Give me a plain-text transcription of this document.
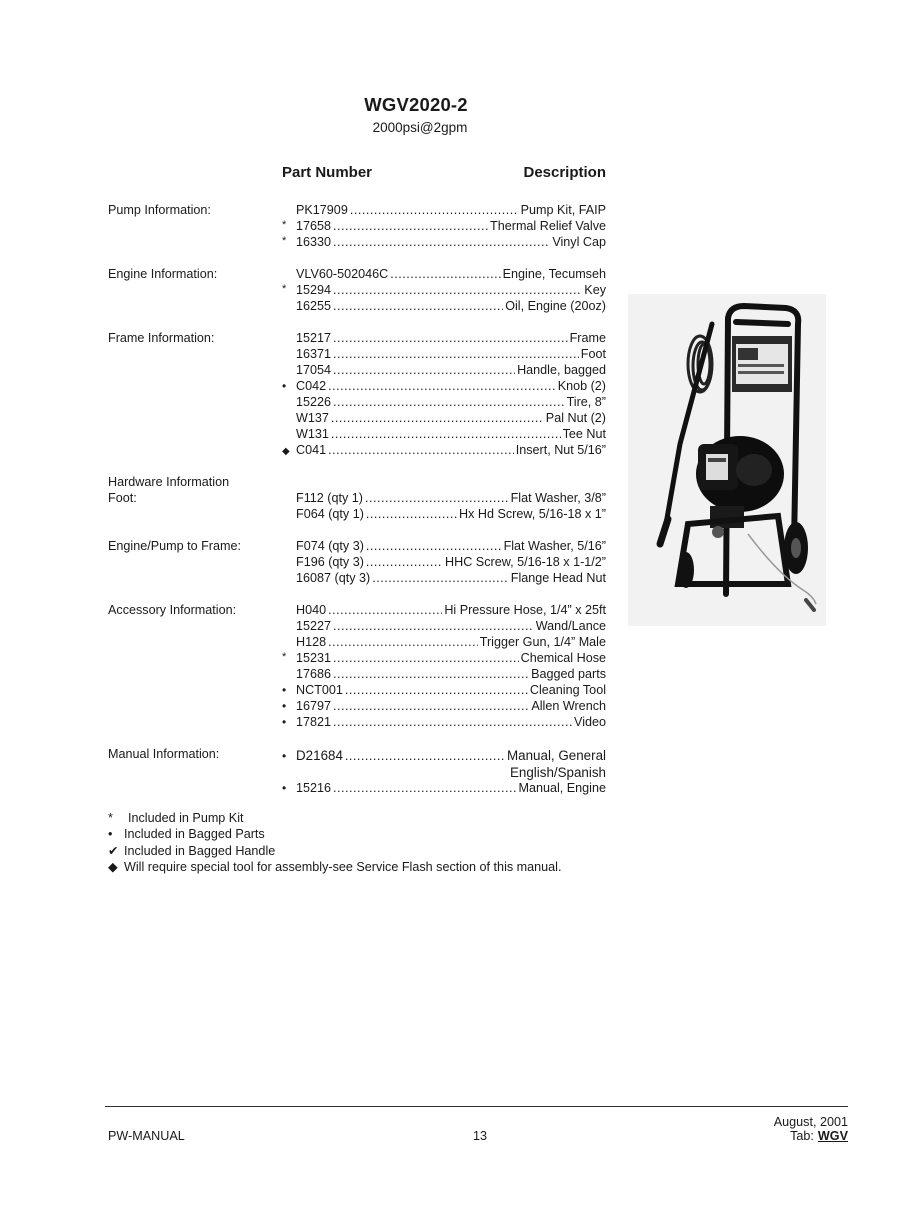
WGV2020-2
2000psi@2gpm
Part Number	Description
Pump Information:	PK17909 .....	Pump Kit, FAIP
* 17658 .....	Thermal Relief Valve
* 16330 .....	Vinyl Cap
Engine Information:	VLV60-502046C .....	Engine, Tecumseh
* 15294 .....	Key
16255 .....	Oil, Engine (20oz)
Frame Information:	15217 .....	Frame
16371 .....	Foot
17054 .....	Handle, bagged
• C042 .....	Knob (2)
15226 .....	Tire, 8”
W137 .....	Pal Nut (2)
W131 .....	Tee Nut
◆ C041 .....	Insert, Nut 5/16”
Hardware Information
Foot:	F112 (qty 1) .....	Flat Washer, 3/8”
F064 (qty 1) .....	Hx Hd Screw, 5/16-18 x 1”
Engine/Pump to Frame:	F074 (qty 3) .....	Flat Washer, 5/16”
F196 (qty 3) .....	HHC Screw, 5/16-18 x 1-1/2”
16087 (qty 3) .....	Flange Head Nut
Accessory Information:	H040 .....	Hi Pressure Hose, 1/4” x 25ft
15227 .....	Wand/Lance
H128 .....	Trigger Gun, 1/4” Male
* 15231 .....	Chemical Hose
17686 .....	Bagged parts
• NCT001 .....	Cleaning Tool
• 16797 .....	Allen Wrench
• 17821 .....	Video
Manual Information:	• D21684 .....	Manual, General
English/Spanish
• 15216 .....	Manual, Engine
*	Included in Pump Kit
• Included in Bagged Parts
✔ Included in Bagged Handle
◆ Will require special tool for assembly-see Service Flash section of this manual.
PW-MANUAL	13
August, 2001
Tab: WGV
